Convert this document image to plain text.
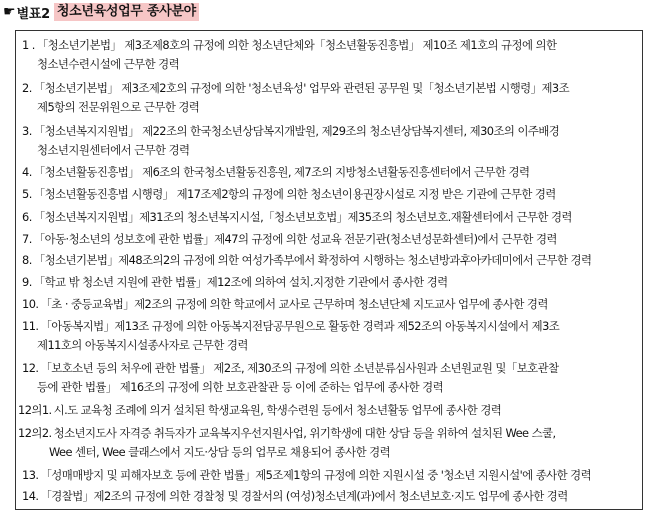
☛ 별표2 청소년육성업무 종사분야
1 . 「청소년기본법」 제3조제8호의 규정에 의한 청소년단체와「청소년활동진흥법」 제10조 제1호의 규정에 의한
청소년수련시설에 근무한 경력
2. 「청소년기본법」 제3조제2호의 규정에 의한 '청소년육성' 업무와 관련된 공무원 및「청소년기본법 시행령」제3조
제5항의 전문위원으로 근무한 경력
3. 「청소년복지지원법」 제22조의 한국청소년상담복지개발원, 제29조의 청소년상담복지센터, 제30조의 이주배경
청소년지원센터에서 근무한 경력
4. 「청소년활동진흥법」 제6조의 한국청소년활동진흥원, 제7조의 지방청소년활동진흥센터에서 근무한 경력
5. 「청소년활동진흥법 시행령」 제17조제2항의 규정에 의한 청소년이용권장시설로 지정 받은 기관에 근무한 경력
6. 「청소년복지지원법」제31조의 청소년복지시설,「청소년보호법」제35조의 청소년보호.재활센터에서 근무한 경력
7. 「아동·청소년의 성보호에 관한 법률」제47의 규정에 의한 성교육 전문기관(청소년성문화센터)에서 근무한 경력
8. 「청소년기본법」제48조의2의 규정에 의한 여성가족부에서 확정하여 시행하는 청소년방과후아카데미에서 근무한 경력
9. 「학교 밖 청소년 지원에 관한 법률」제12조에 의하여 설치.지정한 기관에서 종사한 경력
10. 「초 · 중등교육법」제2조의 규정에 의한 학교에서 교사로 근무하며 청소년단체 지도교사 업무에 종사한 경력
11. 「아동복지법」제13조 규정에 의한 아동복지전담공무원으로 활동한 경력과 제52조의 아동복지시설에서 제3조
제11호의 아동복지시설종사자로 근무한 경력
12. 「보호소년 등의 처우에 관한 법률」 제2조, 제30조의 규정에 의한 소년분류심사원과 소년원교원 및「보호관찰
등에 관한 법률」 제16조의 규정에 의한 보호관찰관 등 이에 준하는 업무에 종사한 경력
12의1. 시.도 교육청 조례에 의거 설치된 학생교육원, 학생수련원 등에서 청소년활동 업무에 종사한 경력
12의2. 청소년지도사 자격증 취득자가 교육복지우선지원사업, 위기학생에 대한 상담 등을 위하여 설치된 Wee 스쿨,
Wee 센터, Wee 클래스에서 지도·상담 등의 업무로 채용되어 종사한 경력
13. 「성매매방지 및 피해자보호 등에 관한 법률」제5조제1항의 규정에 의한 지원시설 중 '청소년 지원시설'에 종사한 경력
14. 「경찰법」제2조의 규정에 의한 경찰청 및 경찰서의 (여성)청소년계(과)에서 청소년보호·지도 업무에 종사한 경력
